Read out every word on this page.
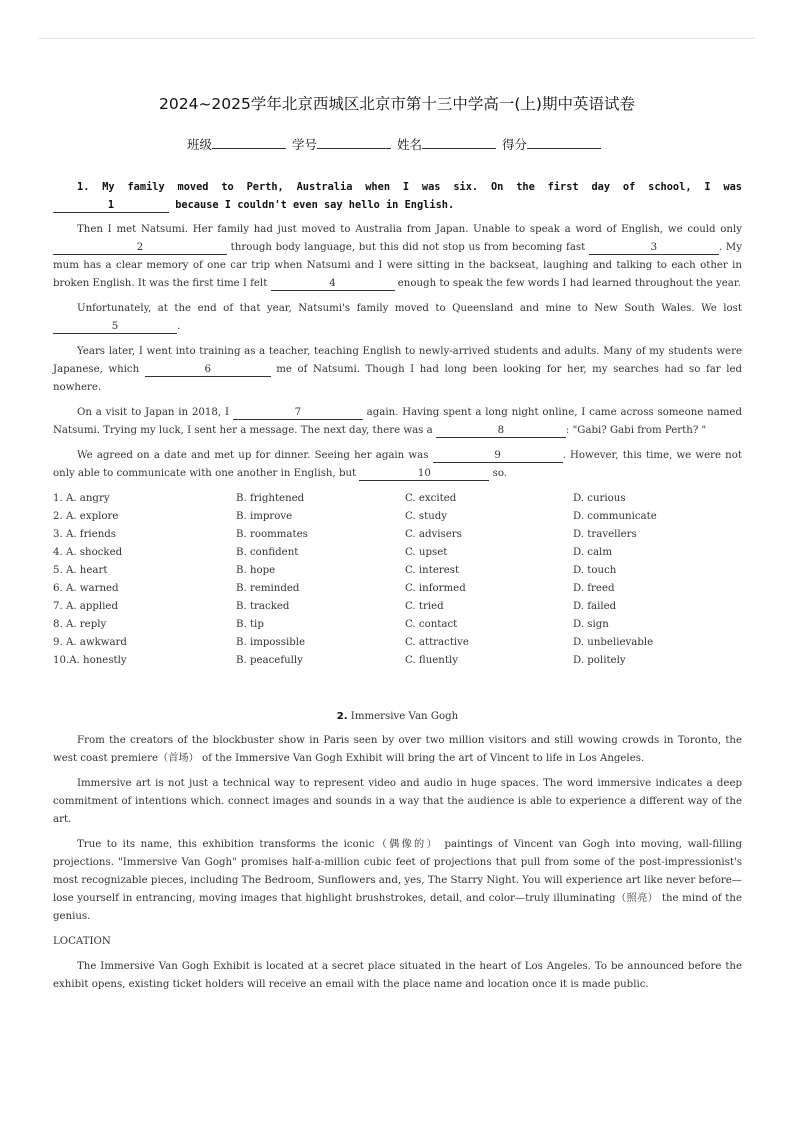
2024~2025学年北京西城区北京市第十三中学高一(上)期中英语试卷
班级	学号	姓名	得分

1. My family moved to Perth, Australia when I was six. On the first day of school, I was 1	because I couldn't even say hello in English.

Then I met Natsumi. Her family had just moved to Australia from Japan. Unable to speak a word of English, we could only 2	through body language, but this did not stop us from becoming fast	3	. My mum has a clear memory of one car trip when Natsumi and I were sitting in the backseat, laughing and talking to each other in broken English. It was the first time I felt	4	enough to speak the few words I had learned throughout the year.

Unfortunately, at the end of that year, Natsumi's family moved to Queensland and mine to New South Wales. We lost 5	.

Years later, I went into training as a teacher, teaching English to newly-arrived students and adults. Many of my students were Japanese, which	6	me of Natsumi. Though I had long been looking for her, my searches had so far led nowhere.

On a visit to Japan in 2018, I	7	again. Having spent a long night online, I came across someone named Natsumi. Trying my luck, I sent her a message. The next day, there was a	8	: "Gabi? Gabi from Perth? "

We agreed on a date and met up for dinner. Seeing her again was	9	. However, this time, we were not only able to communicate with one another in English, but	10	so.

1. A. angry	B. frightened	C. excited	D. curious
2. A. explore	B. improve	C. study	D. communicate
3. A. friends	B. roommates	C. advisers	D. travellers
4. A. shocked	B. confident	C. upset	D. calm
5. A. heart	B. hope	C. interest	D. touch
6. A. warned	B. reminded	C. informed	D. freed
7. A. applied	B. tracked	C. tried	D. failed
8. A. reply	B. tip	C. contact	D. sign
9. A. awkward	B. impossible	C. attractive	D. unbelievable
10.A. honestly	B. peacefully	C. fluently	D. politely
2. Immersive Van Gogh

From the creators of the blockbuster show in Paris seen by over two million visitors and still wowing crowds in Toronto, the west coast premiere（首场） of the Immersive Van Gogh Exhibit will bring the art of Vincent to life in Los Angeles.

Immersive art is not just a technical way to represent video and audio in huge spaces. The word immersive indicates a deep commitment of intentions which. connect images and sounds in a way that the audience is able to experience a different way of the art.

True to its name, this exhibition transforms the iconic（偶像的） paintings of Vincent van Gogh into moving, wall-filling projections. "Immersive Van Gogh" promises half-a-million cubic feet of projections that pull from some of the post-impressionist's most recognizable pieces, including The Bedroom, Sunflowers and, yes, The Starry Night. You will experience art like never before—lose yourself in entrancing, moving images that highlight brushstrokes, detail, and color—truly illuminating（照亮） the mind of the genius.

LOCATION

The Immersive Van Gogh Exhibit is located at a secret place situated in the heart of Los Angeles. To be announced before the exhibit opens, existing ticket holders will receive an email with the place name and location once it is made public.
